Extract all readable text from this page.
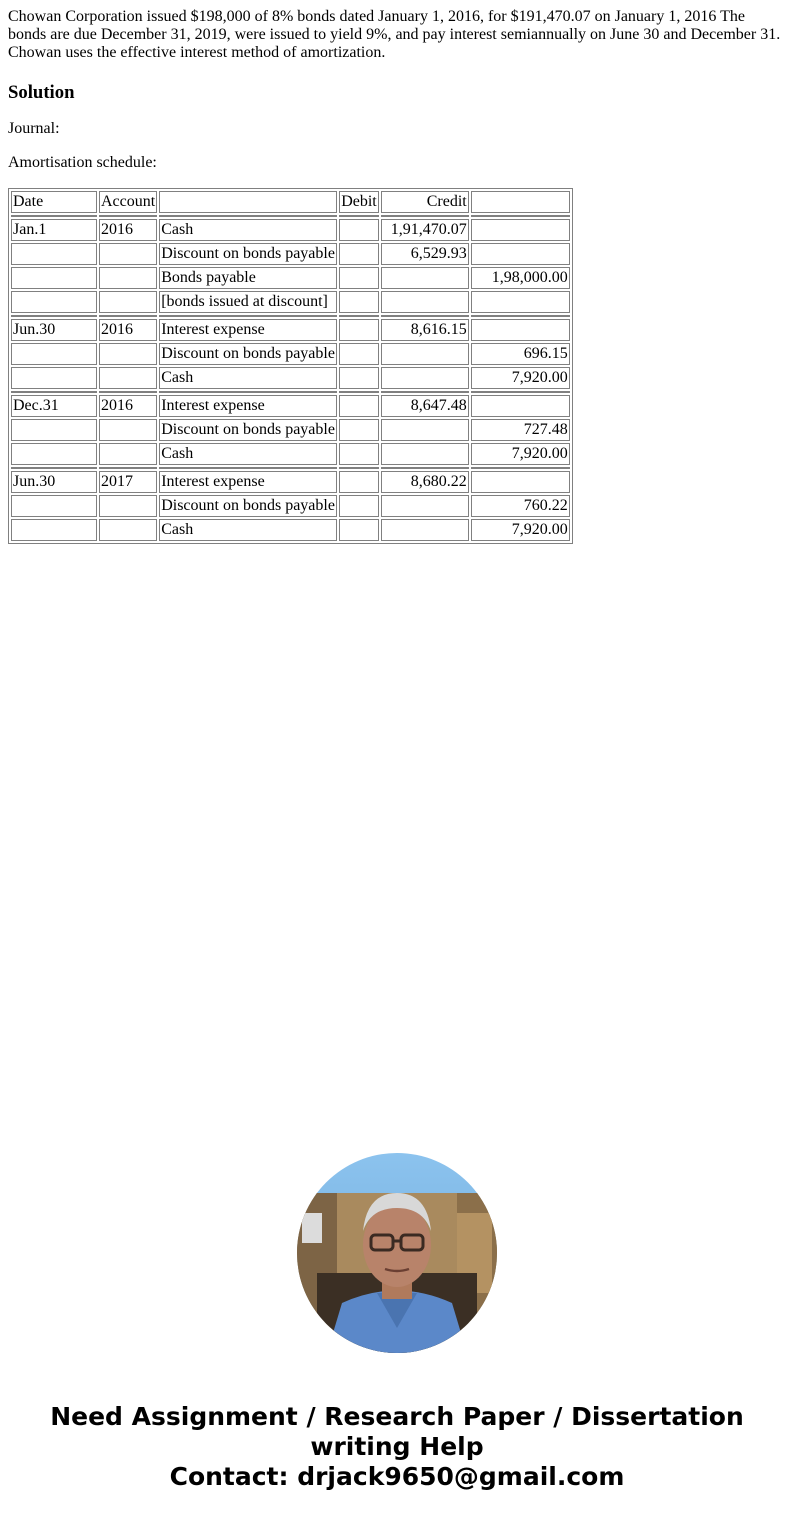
Chowan Corporation issued $198,000 of 8% bonds dated January 1, 2016, for $191,470.07 on January 1, 2016 The bonds are due December 31, 2019, were issued to yield 9%, and pay interest semiannually on June 30 and December 31. Chowan uses the effective interest method of amortization.

Solution

Journal:

Amortisation schedule:

Date	Account		Debit	Credit	

Jan.1	2016	Cash		1,91,470.07	
		Discount on bonds payable		6,529.93	
		Bonds payable			1,98,000.00
		[bonds issued at discount]			

Jun.30	2016	Interest expense		8,616.15	
		Discount on bonds payable			696.15
		Cash			7,920.00

Dec.31	2016	Interest expense		8,647.48	
		Discount on bonds payable			727.48
		Cash			7,920.00

Jun.30	2017	Interest expense		8,680.22	
		Discount on bonds payable			760.22
		Cash			7,920.00
Need Assignment / Research Paper / Dissertation
writing Help
Contact: drjack9650@gmail.com
